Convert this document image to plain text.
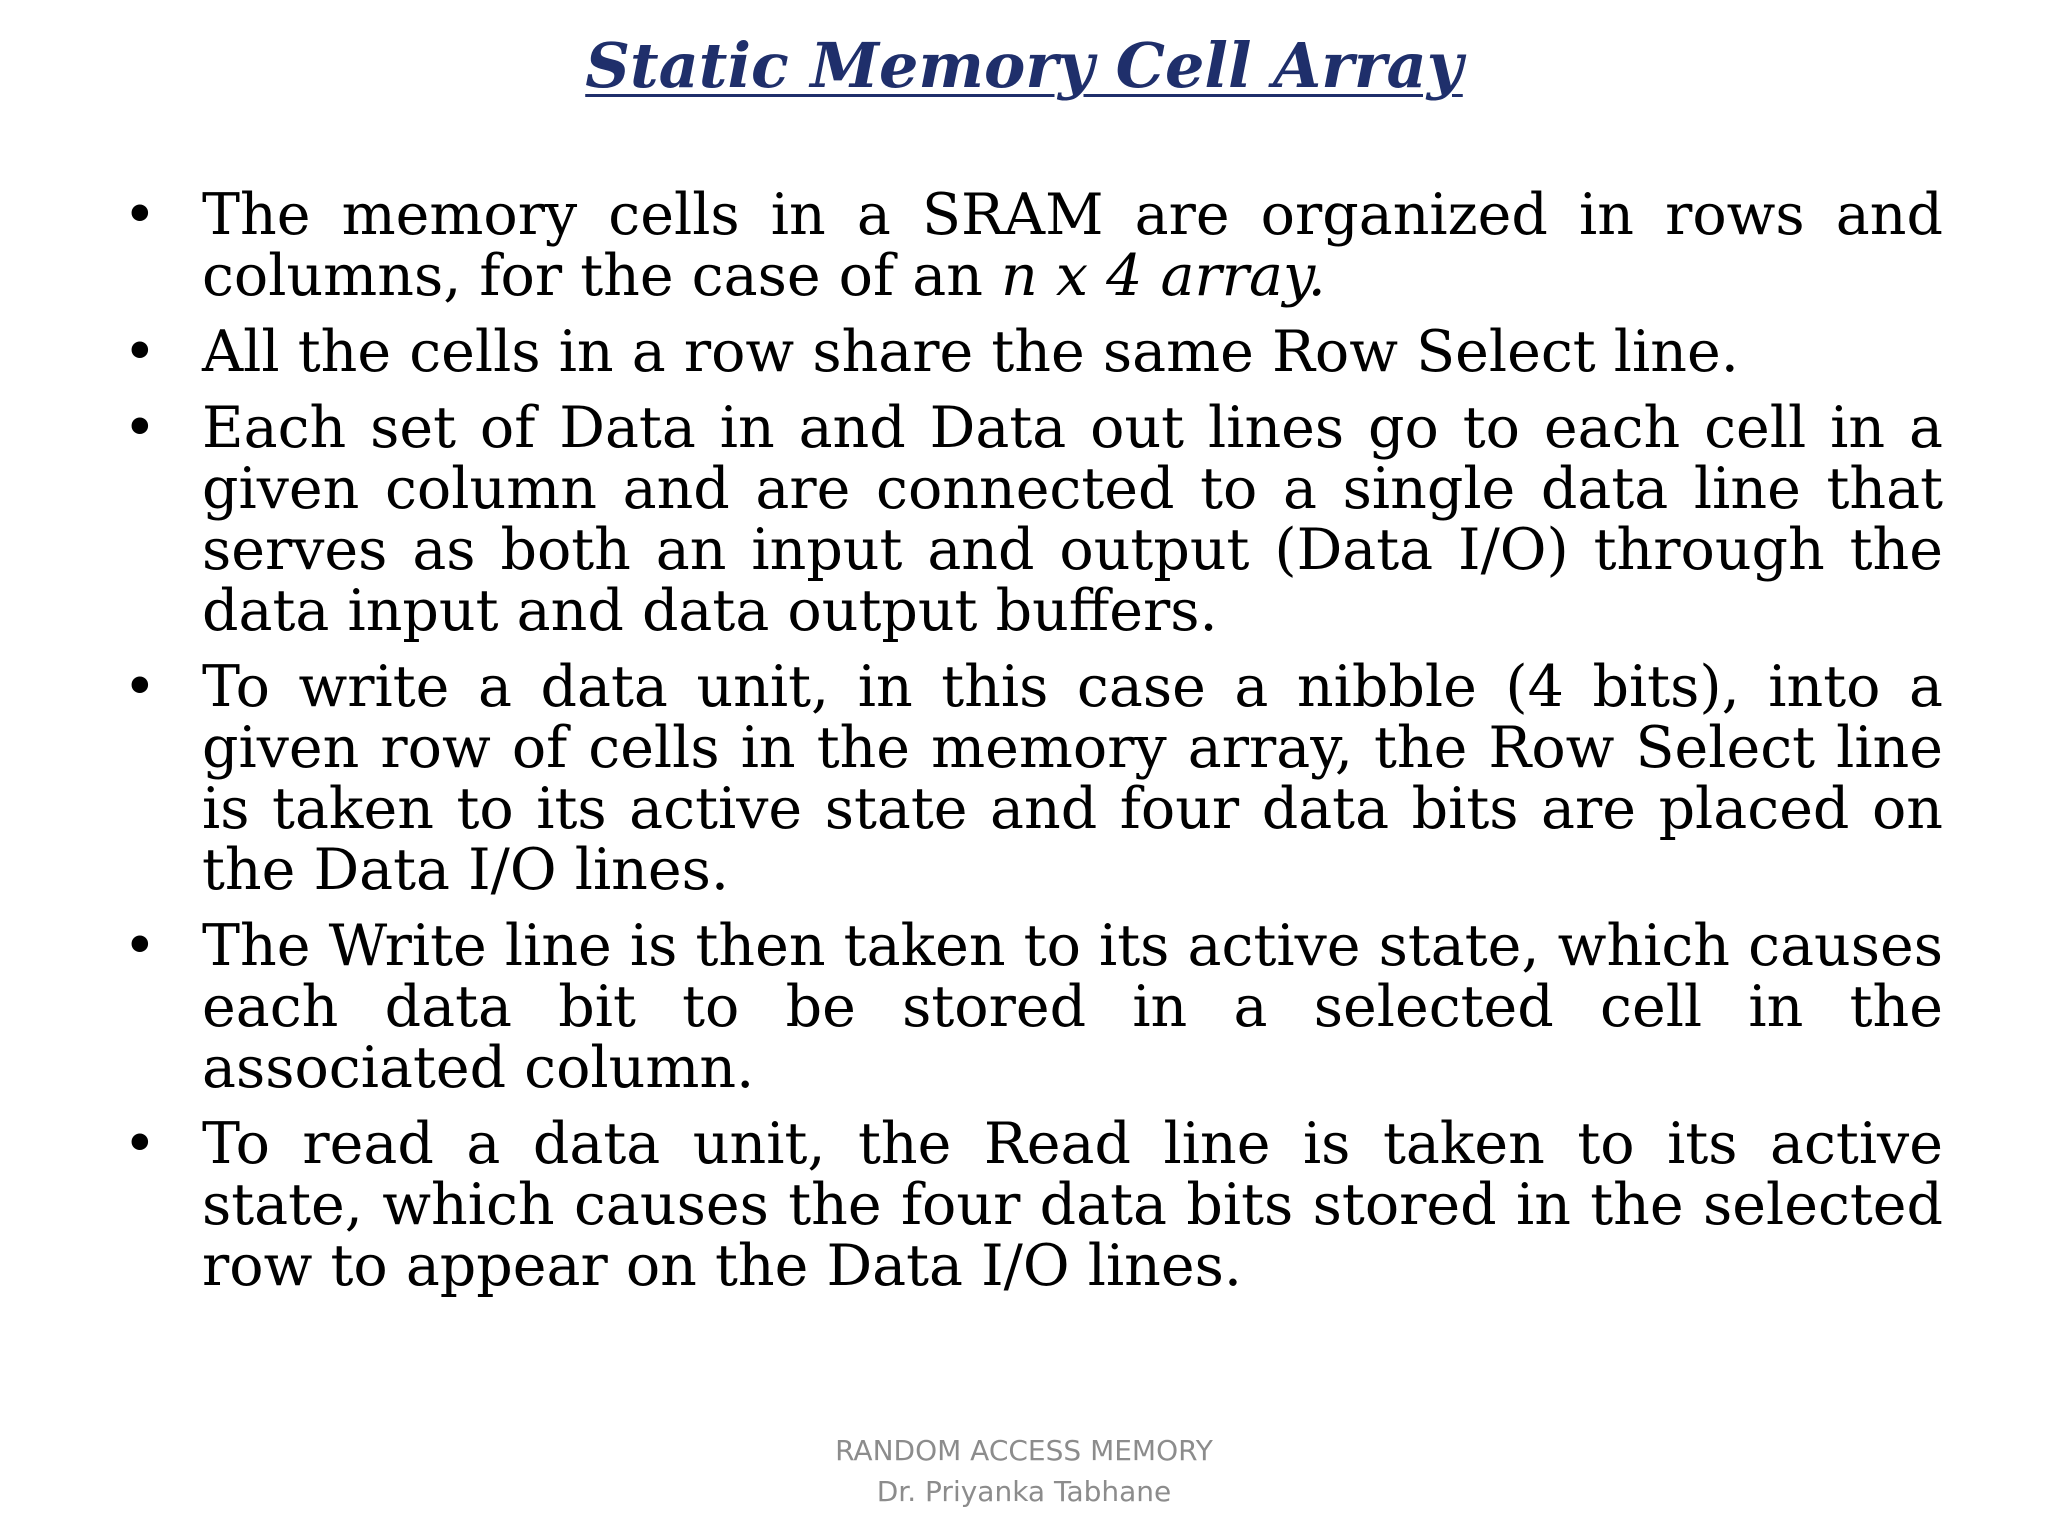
Static Memory Cell Array
• The memory cells in a SRAM are organized in rows and columns, for the case of an n x 4 array.
• All the cells in a row share the same Row Select line.
• Each set of Data in and Data out lines go to each cell in a given column and are connected to a single data line that serves as both an input and output (Data I/O) through the data input and data output buffers.
• To write a data unit, in this case a nibble (4 bits), into a given row of cells in the memory array, the Row Select line is taken to its active state and four data bits are placed on the Data I/O lines.
• The Write line is then taken to its active state, which causes each data bit to be stored in a selected cell in the associated column.
• To read a data unit, the Read line is taken to its active state, which causes the four data bits stored in the selected row to appear on the Data I/O lines.
RANDOM ACCESS MEMORY
Dr. Priyanka Tabhane
